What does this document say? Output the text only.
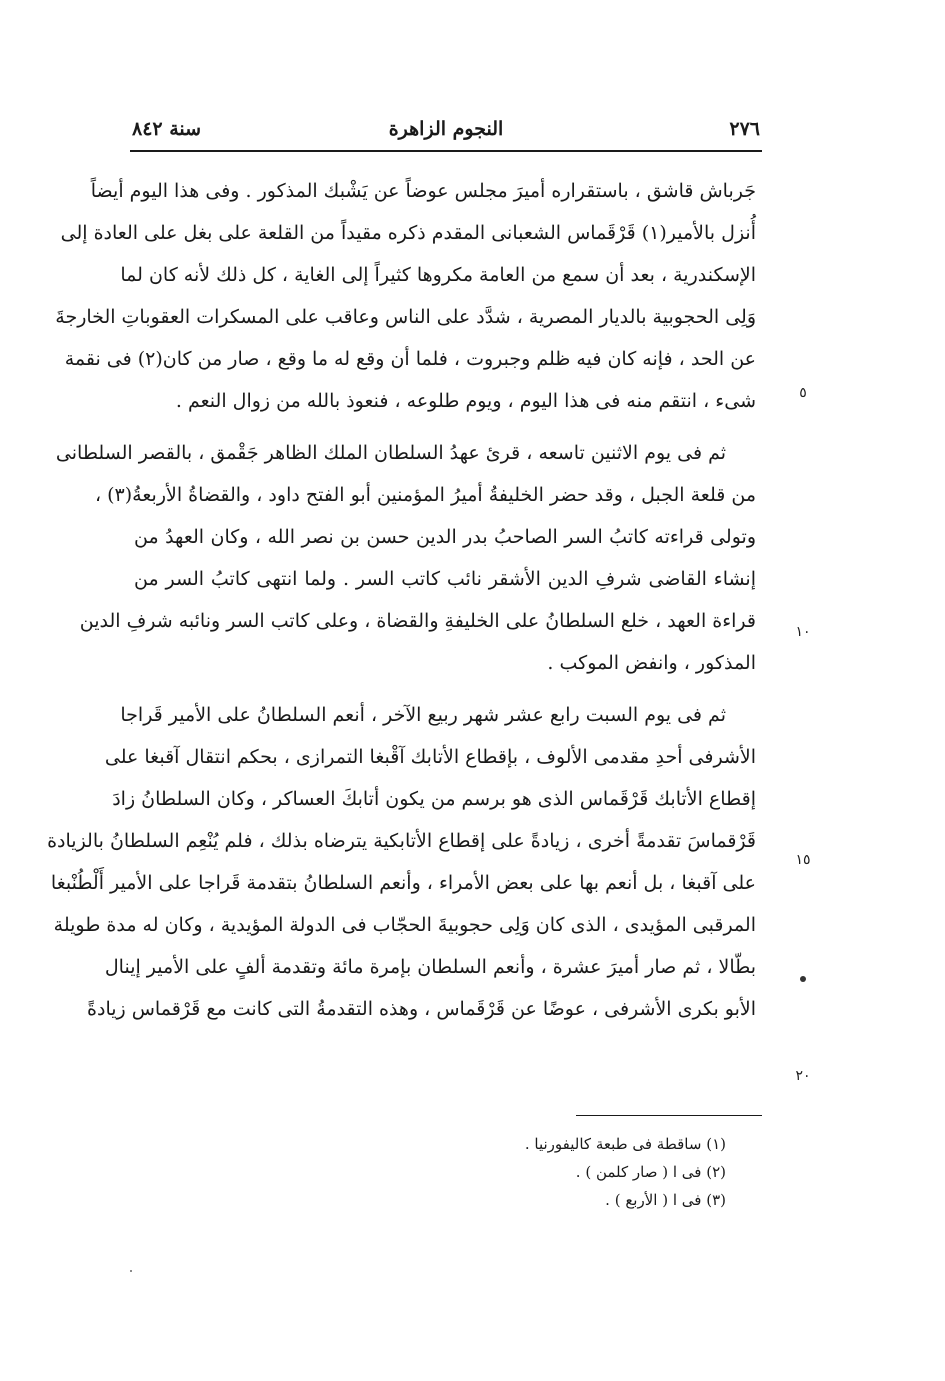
٢٧٦
النجوم الزاهرة
سنة ٨٤٢
جَرباش قاشق ، باستقراره أميرَ مجلس عوضاً عن يَشْبك المذكور . وفى هذا اليوم أيضاً
أُنزل بالأمير(١) قَرْقَماس الشعبانى المقدم ذكره مقيداً من القلعة على بغل على العادة إلى
الإسكندرية ، بعد أن سمع من العامة مكروها كثيراً إلى الغاية ، كل ذلك لأنه كان لما
وَلِى الحجوبية بالديار المصرية ، شدَّد على الناس وعاقب على المسكرات العقوباتِ الخارجةَ
عن الحد ، فإنه كان فيه ظلم وجبروت ، فلما أن وقع له ما وقع ، صار من كان(٢) فى نقمة
شىء ، انتقم منه فى هذا اليوم ، ويوم طلوعه ، فنعوذ بالله من زوال النعم .
ثم فى يوم الاثنين تاسعه ، قرئ عهدُ السلطان الملك الظاهر جَقْمق ، بالقصر السلطانى
من قلعة الجبل ، وقد حضر الخليفةُ أميرُ المؤمنين أبو الفتح داود ، والقضاةُ الأربعةُ(٣) ،
وتولى قراءته كاتبُ السر الصاحبُ بدر الدين حسن بن نصر الله ، وكان العهدُ من
إنشاء القاضى شرفِ الدين الأشقر نائب كاتب السر . ولما انتهى كاتبُ السر من
قراءة العهد ، خلع السلطانُ على الخليفةِ والقضاة ، وعلى كاتب السر ونائبه شرفِ الدين
المذكور ، وانفض الموكب .
ثم فى يوم السبت رابع عشر شهر ربيع الآخر ، أنعم السلطانُ على الأمير قَراجا
الأشرفى أحدِ مقدمى الألوف ، بإقطاع الأتابك آقْبغا التمرازى ، بحكم انتقال آقبغا على
إقطاع الأتابك قَرْقَماس الذى هو برسم من يكون أتابكَ العساكر ، وكان السلطانُ زادَ
قَرْقماسَ تقدمةً أخرى ، زيادةً على إقطاع الأتابكية يترضاه بذلك ، فلم يُنْعِم السلطانُ بالزيادة
على آقبغا ، بل أنعم بها على بعض الأمراء ، وأنعم السلطانُ بتقدمة قَراجا على الأمير أَلْطُنْبغا
المرقبى المؤيدى ، الذى كان وَلِى حجوبيةَ الحجّاب فى الدولة المؤيدية ، وكان له مدة طويلة
بطّالا ، ثم صار أميرَ عشرة ، وأنعم السلطان بإمرة مائة وتقدمة ألفٍ على الأمير إينال
الأبو بكرى الأشرفى ، عوضًا عن قَرْقَماس ، وهذه التقدمةُ التى كانت مع قَرْقماس زيادةً
٥
١٠
١٥
٢٠
(١) ساقطة فى طبعة كاليفورنيا .
(٢) فى ا ( صار كلمن ) .
(٣) فى ا ( الأربع ) .
